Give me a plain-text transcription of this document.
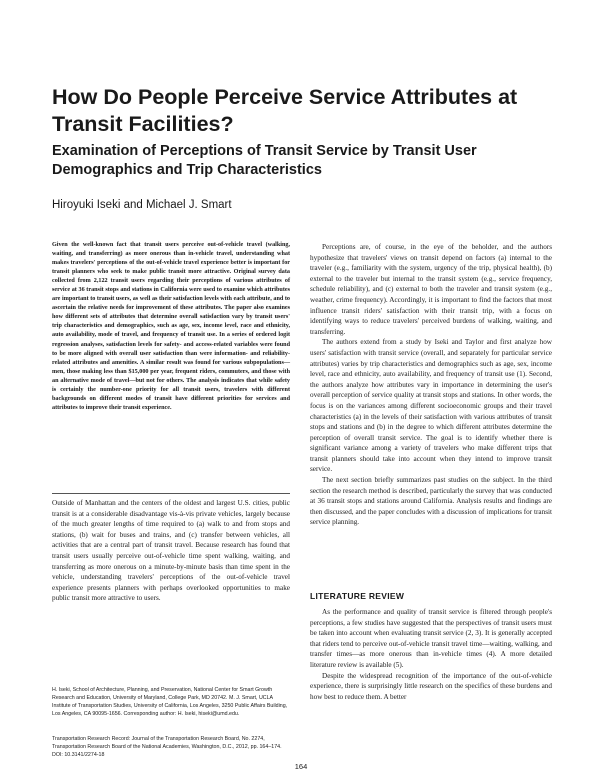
How Do People Perceive Service Attributes at Transit Facilities?
Examination of Perceptions of Transit Service by Transit User Demographics and Trip Characteristics
Hiroyuki Iseki and Michael J. Smart

Given the well-known fact that transit users perceive out-of-vehicle travel (walking, waiting, and transferring) as more onerous than in-vehicle travel, understanding what makes travelers' perceptions of the out-of-vehicle travel experience better is important for transit planners who seek to make public transit more attractive. Original survey data collected from 2,122 transit users regarding their perceptions of various attributes of service at 36 transit stops and stations in California were used to examine which attributes are important to transit users, as well as their satisfaction levels with each attribute, and to ascertain the relative needs for improvement of these attributes. The paper also examines how different sets of attributes that determine overall satisfaction vary by transit users' trip characteristics and demographics, such as age, sex, income level, race and ethnicity, auto availability, mode of travel, and frequency of transit use. In a series of ordered logit regression analyses, satisfaction levels for safety- and access-related variables were found to be more aligned with overall user satisfaction than were information- and reliability-related attributes and amenities. A similar result was found for various subpopulations—men, those making less than $15,000 per year, frequent riders, commuters, and those with an alternative mode of travel—but not for others. The analysis indicates that while safety is certainly the number-one priority for all transit users, travelers with different backgrounds on different modes of transit have different priorities for services and attributes to improve their transit experience.

Outside of Manhattan and the centers of the oldest and largest U.S. cities, public transit is at a considerable disadvantage vis-à-vis private vehicles, largely because of the much greater lengths of time required to (a) walk to and from stops and stations, (b) wait for buses and trains, and (c) transfer between vehicles, all activities that are a central part of transit travel. Because research has found that transit users usually perceive out-of-vehicle time spent walking, waiting, and transferring as more onerous on a minute-by-minute basis than time spent in the vehicle, understanding travelers' perceptions of the out-of-vehicle travel experience presents planners with perhaps overlooked opportunities to make public transit more attractive to users.

H. Iseki, School of Architecture, Planning, and Preservation, National Center for Smart Growth Research and Education, University of Maryland, College Park, MD 20742. M. J. Smart, UCLA Institute of Transportation Studies, University of California, Los Angeles, 3250 Public Affairs Building, Los Angeles, CA 90095-1656. Corresponding author: H. Iseki, hiseki@umd.edu.

Transportation Research Record: Journal of the Transportation Research Board, No. 2274, Transportation Research Board of the National Academies, Washington, D.C., 2012, pp. 164–174. DOI: 10.3141/2274-18

Perceptions are, of course, in the eye of the beholder, and the authors hypothesize that travelers' views on transit depend on factors (a) internal to the traveler (e.g., familiarity with the system, urgency of the trip, physical health), (b) external to the traveler but internal to the transit system (e.g., service frequency, schedule reliability), and (c) external to both the traveler and transit system (e.g., weather, crime frequency). Accordingly, it is important to find the factors that most influence transit riders' satisfaction with their transit trip, with a focus on identifying ways to reduce travelers' perceived burdens of walking, waiting, and transferring.

The authors extend from a study by Iseki and Taylor and first analyze how users' satisfaction with transit service (overall, and separately for particular service attributes) varies by trip characteristics and demographics such as age, sex, income level, race and ethnicity, auto availability, and frequency of transit use (1). Second, the authors analyze how attributes vary in importance in determining the user's overall perception of service quality at transit stops and stations. In other words, the focus is on the variances among different socioeconomic groups and their travel characteristics (a) in the levels of their satisfaction with various attributes of transit stops and stations and (b) in the degree to which different attributes determine the perception of overall transit service. The goal is to identify whether there is significant variance among a variety of travelers who make different trips that transit planners should take into account when they intend to improve transit service.

The next section briefly summarizes past studies on the subject. In the third section the research method is described, particularly the survey that was conducted at 36 transit stops and stations around California. Analysis results and findings are then discussed, and the paper concludes with a discussion of implications for transit service planning.

LITERATURE REVIEW

As the performance and quality of transit service is filtered through people's perceptions, a few studies have suggested that the perspectives of transit users must be taken into account when evaluating transit service (2, 3). It is generally accepted that riders tend to perceive out-of-vehicle transit travel time—waiting, walking, and transfer times—as more onerous than in-vehicle times (4). A more detailed literature review is available (5).

Despite the widespread recognition of the importance of the out-of-vehicle experience, there is surprisingly little research on the specifics of these burdens and how best to reduce them. A better

164
